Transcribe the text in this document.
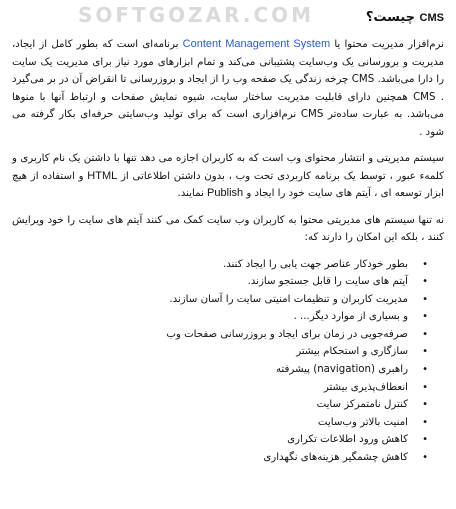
SOFTGOZAR.COM	CMS چیست؟

نرم‌افزار مدیریت محتوا یا Content Management System برنامه‌ای است که بطور کامل از ایجاد، مدیریت و برورسانی یک وب‌سایت پشتیبانی می‌کند و تمام ابزارهای مورد نیاز برای مدیریت یک سایت را دارا می‌باشد. CMS چرخه زندگی یک صفحه وب را از ایجاد و بروزرسانی تا انقراض آن در بر می‌گیرد . CMS همچنین دارای قابلیت مدیریت ساختار سایت، شیوه نمایش صفحات و ارتباط آنها با منوها می‌باشد. به عبارت ساده‌تر CMS نرم‌افزاری است که برای تولید وب‌سایتی حرفه‌ای بکار گرفته می شود .

سیستم مدیریتی و انتشار محتوای وب است که به کاربران اجازه می دهد تنها با داشتن یک نام کاربری و کلمه‌ء عبور ، توسط یک برنامه کاربردی تحت وب ، بدون داشتن اطلاعاتی از HTML و استفاده از هیچ ابزار توسعه ای ، آیتم های سایت خود را ایجاد و Publish نمایند.

نه تنها سیستم های مدیریتی محتوا به کاربران وب سایت کمک می کنند آیتم های سایت را خود ویرایش کنند ، بلکه این امکان را دارند که:

•
بطور خودکار عناصر جهت یابی را ایجاد کنند.
•
آیتم های سایت را قابل جستجو سازند.
•
مدیریت کاربران و تنظیمات امنیتی سایت را آسان سازند.
•
و بسیاری از موارد دیگر... .
•
صرفه‌جویی در زمان برای ایجاد و بروزرسانی صفحات وب
•
سازگاری و استحکام بیشتر
•
راهبری (navigation) پیشرفته
•
انعطاف‌پذیری بیشتر
•
کنترل نامتمرکز سایت
•
امنیت بالاتر وب‌سایت
•
کاهش ورود اطلاعات تکراری
•
کاهش چشمگیر هزینه‌های نگهداری
